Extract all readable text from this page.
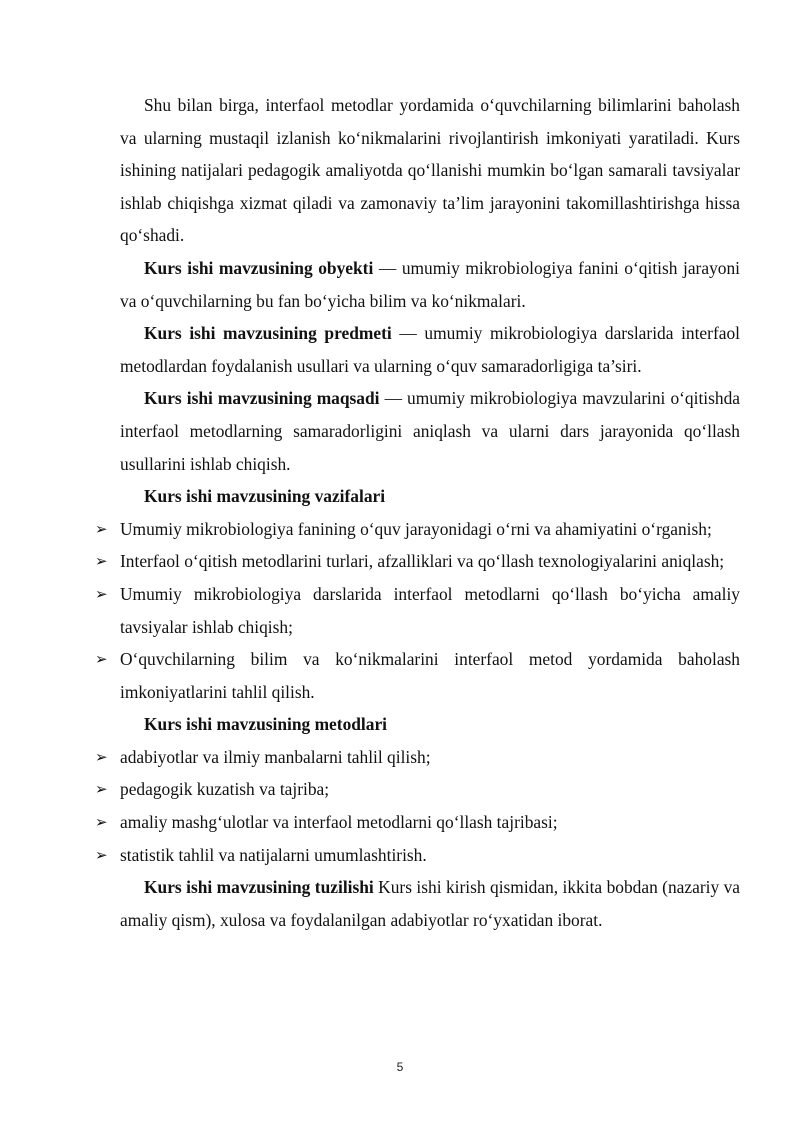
Shu bilan birga, interfaol metodlar yordamida o‘quvchilarning bilimlarini baholash va ularning mustaqil izlanish ko‘nikmalarini rivojlantirish imkoniyati yaratiladi. Kurs ishining natijalari pedagogik amaliyotda qo‘llanishi mumkin bo‘lgan samarali tavsiyalar ishlab chiqishga xizmat qiladi va zamonaviy ta’lim jarayonini takomillashtirishga hissa qo‘shadi.

Kurs ishi mavzusining obyekti — umumiy mikrobiologiya fanini o‘qitish jarayoni va o‘quvchilarning bu fan bo‘yicha bilim va ko‘nikmalari.

Kurs ishi mavzusining predmeti — umumiy mikrobiologiya darslarida interfaol metodlardan foydalanish usullari va ularning o‘quv samaradorligiga ta’siri.

Kurs ishi mavzusining maqsadi — umumiy mikrobiologiya mavzularini o‘qitishda interfaol metodlarning samaradorligini aniqlash va ularni dars jarayonida qo‘llash usullarini ishlab chiqish.

Kurs ishi mavzusining vazifalari
➢ Umumiy mikrobiologiya fanining o‘quv jarayonidagi o‘rni va ahamiyatini o‘rganish;
➢ Interfaol o‘qitish metodlarini turlari, afzalliklari va qo‘llash texnologiyalarini aniqlash;
➢ Umumiy mikrobiologiya darslarida interfaol metodlarni qo‘llash bo‘yicha amaliy tavsiyalar ishlab chiqish;
➢ O‘quvchilarning bilim va ko‘nikmalarini interfaol metod yordamida baholash imkoniyatlarini tahlil qilish.
Kurs ishi mavzusining metodlari
➢ adabiyotlar va ilmiy manbalarni tahlil qilish;
➢ pedagogik kuzatish va tajriba;
➢ amaliy mashg‘ulotlar va interfaol metodlarni qo‘llash tajribasi;
➢ statistik tahlil va natijalarni umumlashtirish.

Kurs ishi mavzusining tuzilishi Kurs ishi kirish qismidan, ikkita bobdan (nazariy va amaliy qism), xulosa va foydalanilgan adabiyotlar ro‘yxatidan iborat.

5
